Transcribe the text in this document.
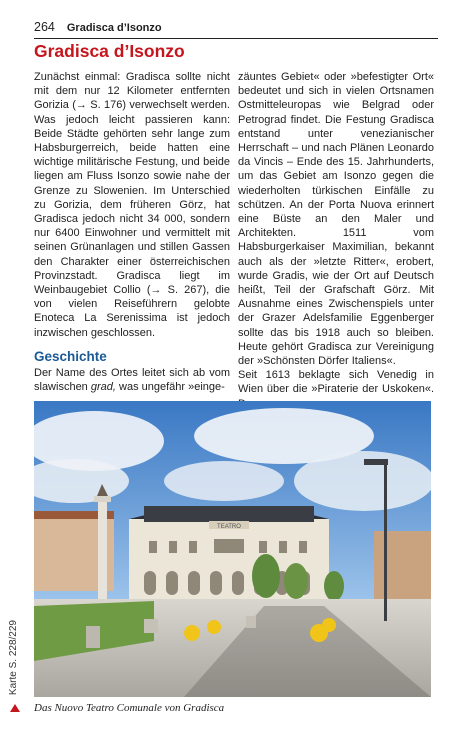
264 Gradisca d’Isonzo
Gradisca d’Isonzo

Zunächst einmal: Gradisca sollte nicht mit dem nur 12 Kilometer entfernten Gorizia (→ S. 176) verwechselt werden. Was jedoch leicht passieren kann: Beide Städte gehörten sehr lange zum Habsburgerreich, beide hatten eine wichtige militärische Festung, und beide liegen am Fluss Isonzo sowie nahe der Grenze zu Slowenien. Im Unterschied zu Gorizia, dem früheren Görz, hat Gradisca jedoch nicht 34 000, sondern nur 6400 Einwohner und vermittelt mit seinen Grünanlagen und stillen Gassen den Charakter einer österreichischen Provinzstadt. Gradisca liegt im Weinbaugebiet Collio (→ S. 267), die von vielen Reiseführern gelobte Enoteca La Serenissima ist jedoch inzwischen geschlossen.

Geschichte

Der Name des Ortes leitet sich ab vom slawischen grad, was ungefähr »einge-

zäuntes Gebiet« oder »befestigter Ort« bedeutet und sich in vielen Ortsnamen Ostmitteleuropas wie Belgrad oder Petrograd findet. Die Festung Gradisca entstand unter venezianischer Herrschaft – und nach Plänen Leonardo da Vincis – Ende des 15. Jahrhunderts, um das Gebiet am Isonzo gegen die wiederholten türkischen Einfälle zu schützen. An der Porta Nuova erinnert eine Büste an den Maler und Architekten. 1511 vom Habsburgerkaiser Maximilian, bekannt auch als der »letzte Ritter«, erobert, wurde Gradis, wie der Ort auf Deutsch heißt, Teil der Grafschaft Görz. Mit Ausnahme eines Zwischenspiels unter der Grazer Adelsfamilie Eggenberger sollte das bis 1918 auch so bleiben. Heute gehört Gradisca zur Vereinigung der »Schönsten Dörfer Italiens«.

Seit 1613 beklagte sich Venedig in Wien über die »Piraterie der Uskoken«.

TEATRO
Das Nuovo Teatro Comunale von Gradisca
Karte S. 228/229
